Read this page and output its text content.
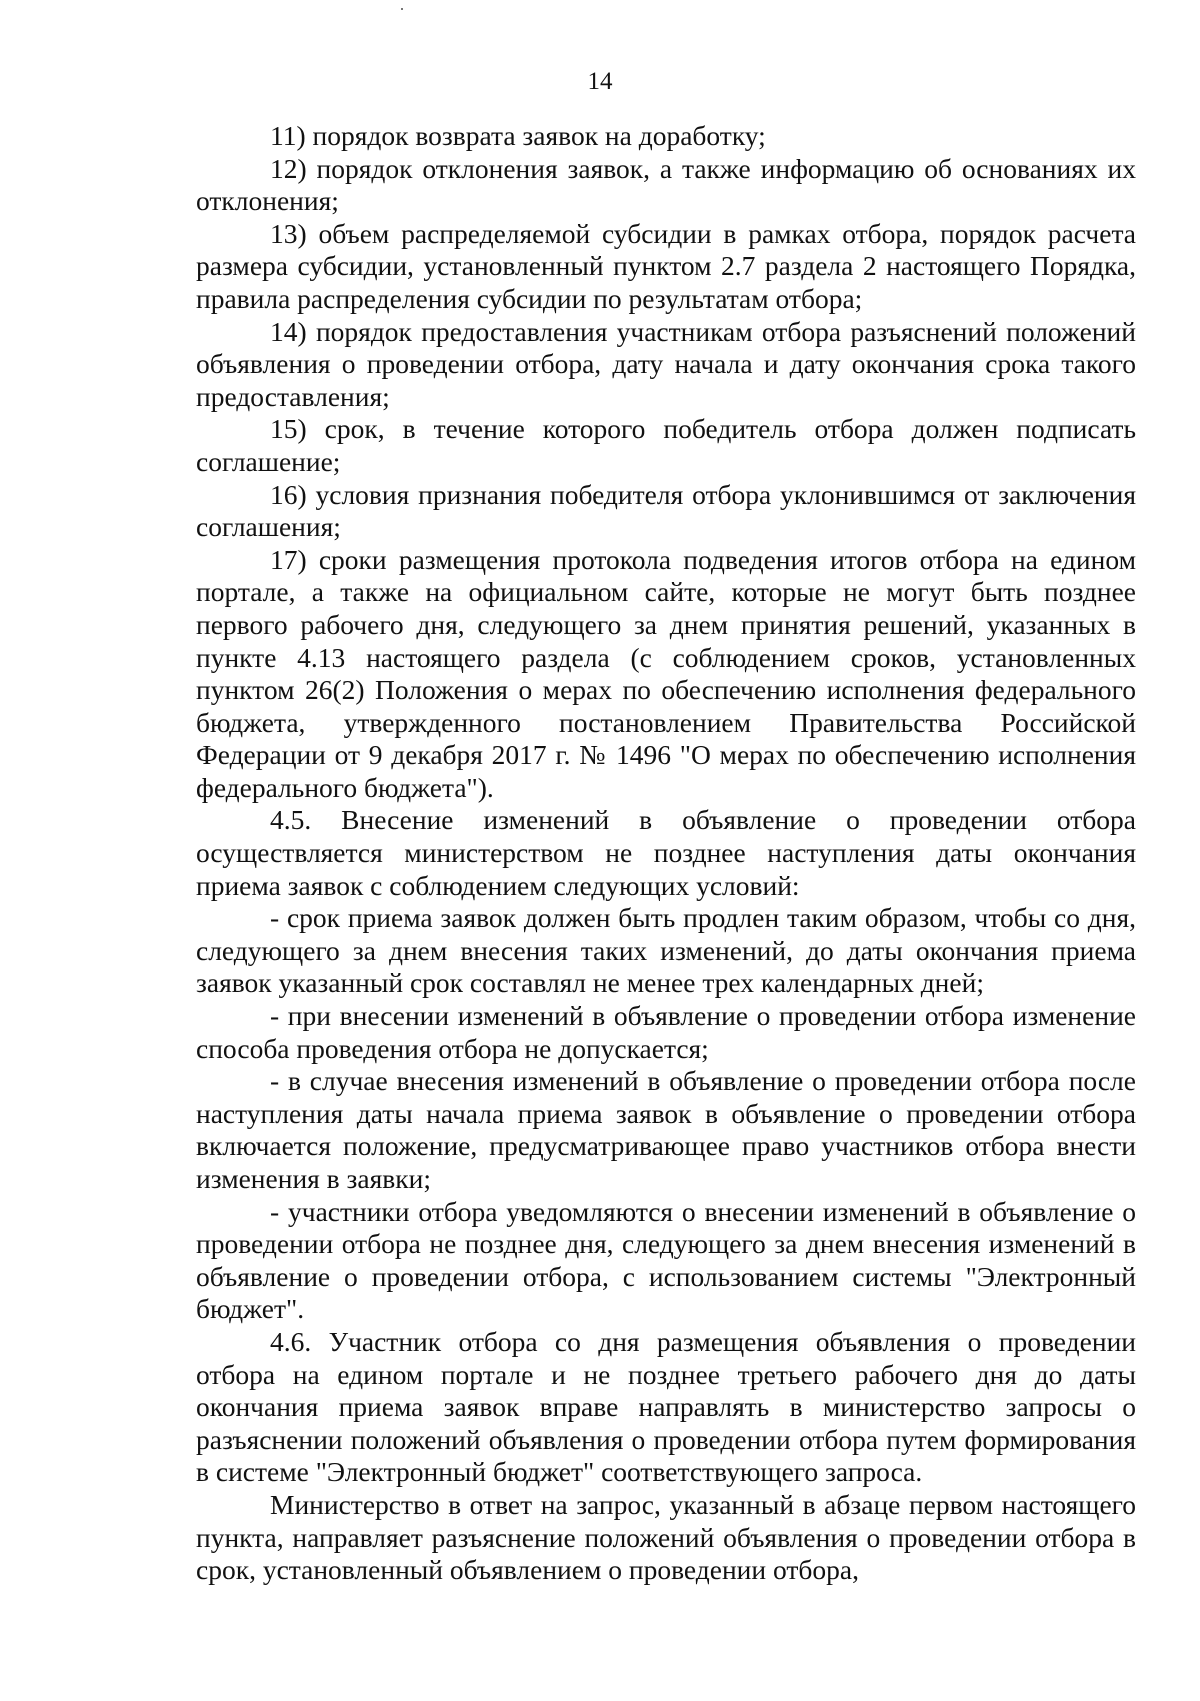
14

11) порядок возврата заявок на доработку;

12) порядок отклонения заявок, а также информацию об основаниях их отклонения;

13) объем распределяемой субсидии в рамках отбора, порядок расчета размера субсидии, установленный пунктом 2.7 раздела 2 настоящего Порядка, правила распределения субсидии по результатам отбора;

14) порядок предоставления участникам отбора разъяснений положений объявления о проведении отбора, дату начала и дату окончания срока такого предоставления;

15) срок, в течение которого победитель отбора должен подписать соглашение;

16) условия признания победителя отбора уклонившимся от заключения соглашения;

17) сроки размещения протокола подведения итогов отбора на едином портале, а также на официальном сайте, которые не могут быть позднее первого рабочего дня, следующего за днем принятия решений, указанных в пункте 4.13 настоящего раздела (с соблюдением сроков, установленных пунктом 26(2) Положения о мерах по обеспечению исполнения федерального бюджета, утвержденного постановлением Правительства Российской Федерации от 9 декабря 2017 г. № 1496 "О мерах по обеспечению исполнения федерального бюджета").

4.5. Внесение изменений в объявление о проведении отбора осуществляется министерством не позднее наступления даты окончания приема заявок с соблюдением следующих условий:

- срок приема заявок должен быть продлен таким образом, чтобы со дня, следующего за днем внесения таких изменений, до даты окончания приема заявок указанный срок составлял не менее трех календарных дней;

- при внесении изменений в объявление о проведении отбора изменение способа проведения отбора не допускается;

- в случае внесения изменений в объявление о проведении отбора после наступления даты начала приема заявок в объявление о проведении отбора включается положение, предусматривающее право участников отбора внести изменения в заявки;

- участники отбора уведомляются о внесении изменений в объявление о проведении отбора не позднее дня, следующего за днем внесения изменений в объявление о проведении отбора, с использованием системы "Электронный бюджет".

4.6. Участник отбора со дня размещения объявления о проведении отбора на едином портале и не позднее третьего рабочего дня до даты окончания приема заявок вправе направлять в министерство запросы о разъяснении положений объявления о проведении отбора путем формирования в системе "Электронный бюджет" соответствующего запроса.

Министерство в ответ на запрос, указанный в абзаце первом настоящего пункта, направляет разъяснение положений объявления о проведении отбора в срок, установленный объявлением о проведении отбора,
